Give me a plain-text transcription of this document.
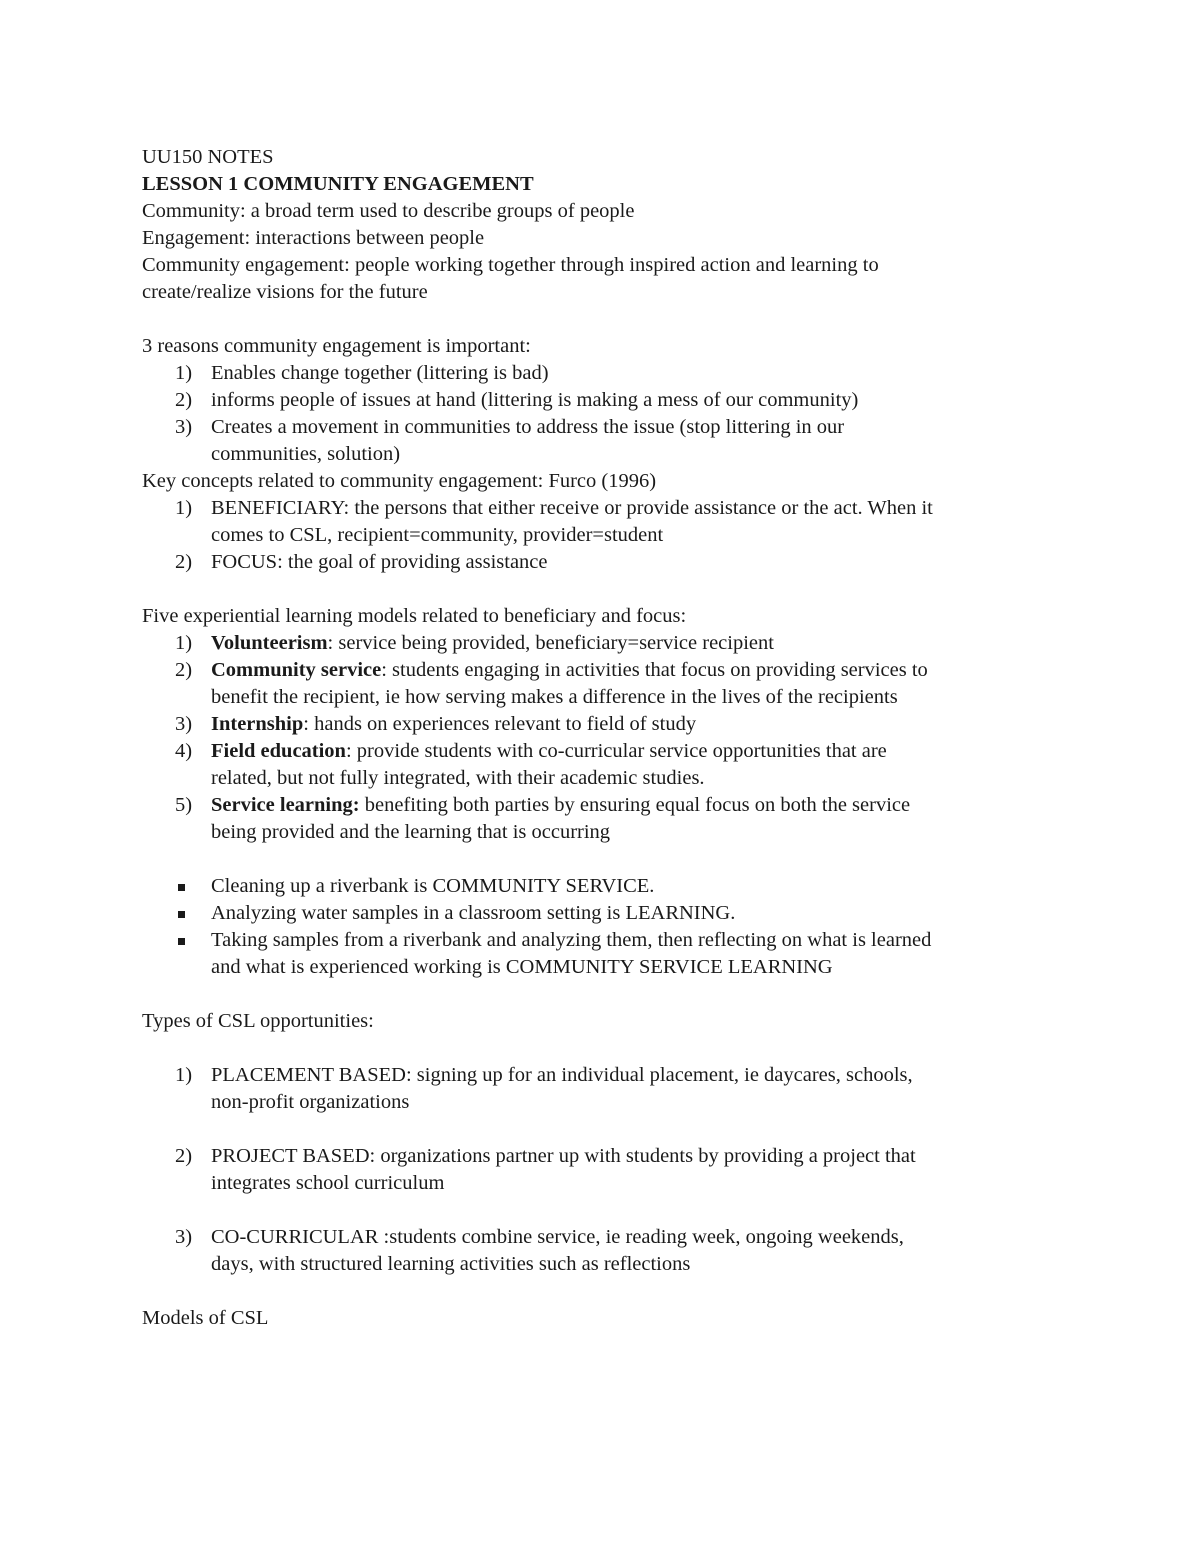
UU150 NOTES
LESSON 1 COMMUNITY ENGAGEMENT
Community: a broad term used to describe groups of people
Engagement: interactions between people
Community engagement: people working together through inspired action and learning to
create/realize visions for the future
3 reasons community engagement is important:
1) Enables change together (littering is bad)
2) informs people of issues at hand (littering is making a mess of our community)
3) Creates a movement in communities to address the issue (stop littering in our
communities, solution)
Key concepts related to community engagement: Furco (1996)
1) BENEFICIARY: the persons that either receive or provide assistance or the act. When it
comes to CSL, recipient=community, provider=student
2) FOCUS: the goal of providing assistance
Five experiential learning models related to beneficiary and focus:
1) Volunteerism: service being provided, beneficiary=service recipient
2) Community service: students engaging in activities that focus on providing services to
benefit the recipient, ie how serving makes a difference in the lives of the recipients
3) Internship: hands on experiences relevant to field of study
4) Field education: provide students with co-curricular service opportunities that are
related, but not fully integrated, with their academic studies.
5) Service learning: benefiting both parties by ensuring equal focus on both the service
being provided and the learning that is occurring
Cleaning up a riverbank is COMMUNITY SERVICE.
Analyzing water samples in a classroom setting is LEARNING.
Taking samples from a riverbank and analyzing them, then reflecting on what is learned
and what is experienced working is COMMUNITY SERVICE LEARNING
Types of CSL opportunities:
1) PLACEMENT BASED: signing up for an individual placement, ie daycares, schools,
non-profit organizations
2) PROJECT BASED: organizations partner up with students by providing a project that
integrates school curriculum
3) CO-CURRICULAR :students combine service, ie reading week, ongoing weekends,
days, with structured learning activities such as reflections
Models of CSL
